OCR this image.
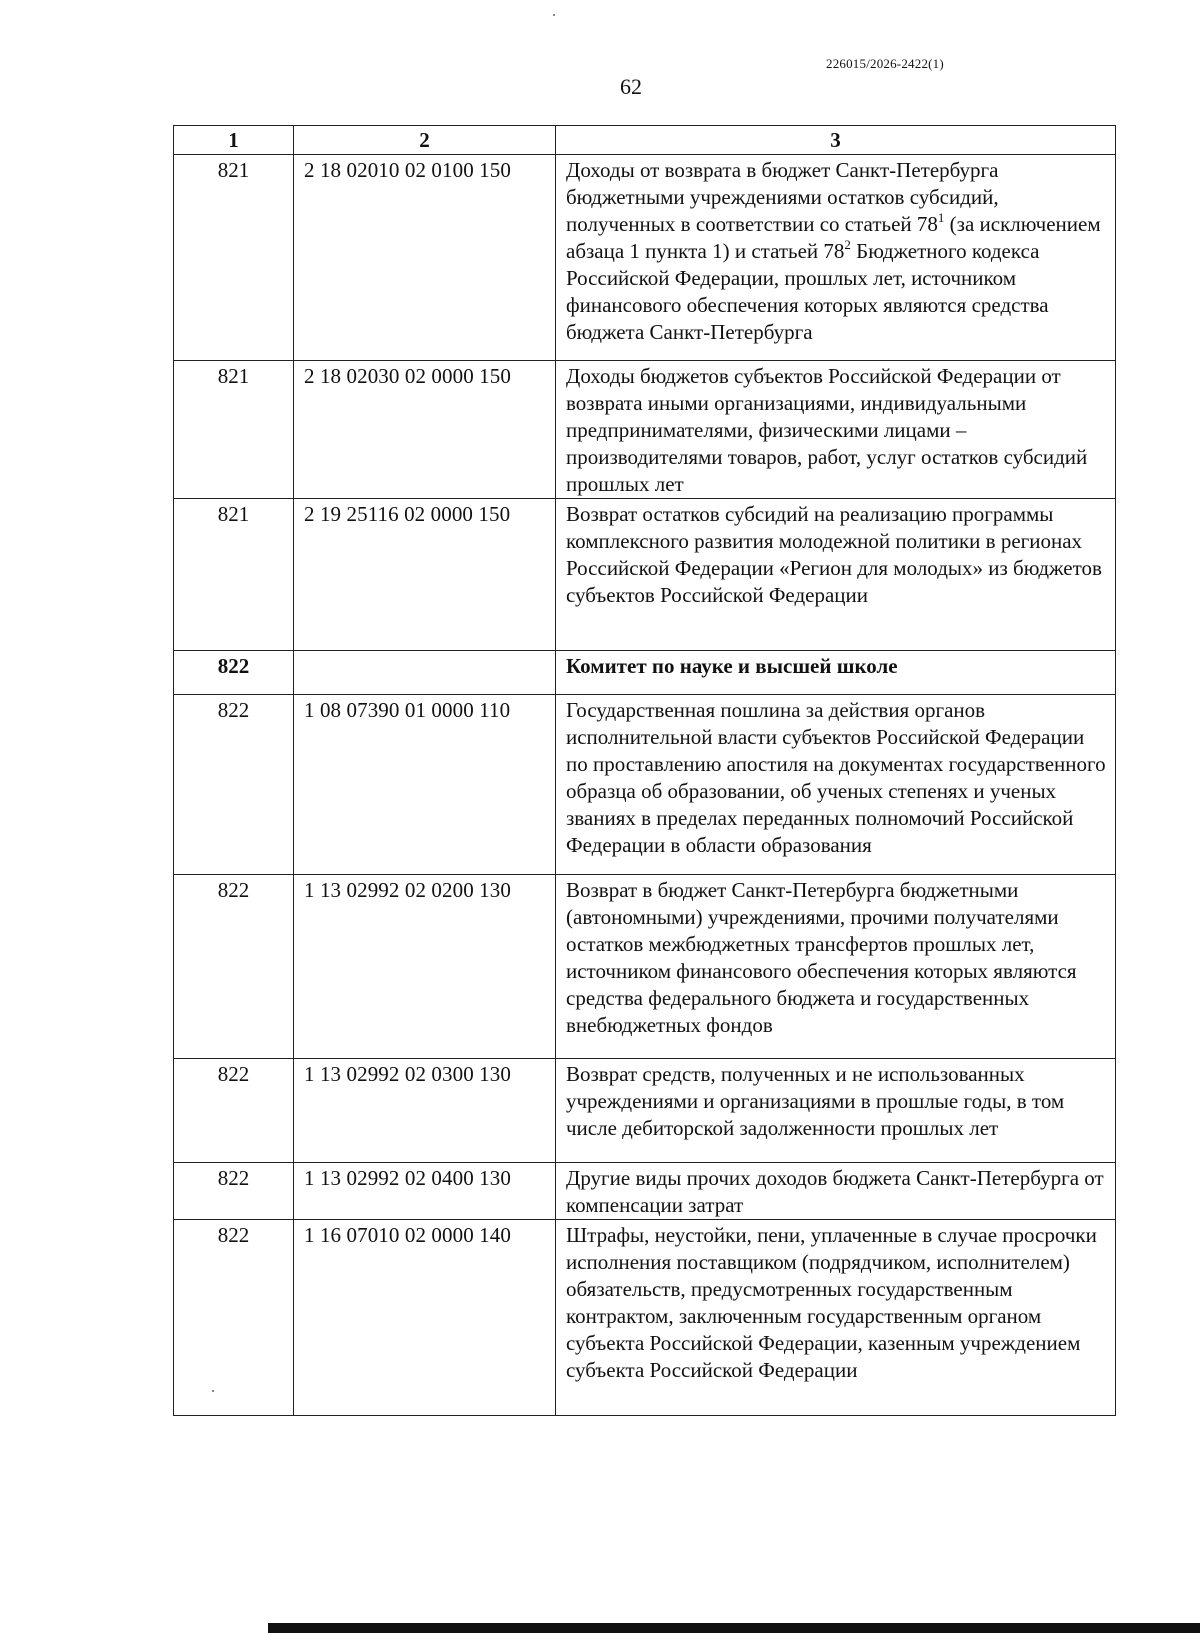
226015/2026-2422(1)
62
1	2	3
821	2 18 02010 02 0100 150	Доходы от возврата в бюджет Санкт-Петербурга бюджетными учреждениями остатков субсидий, полученных в соответствии со статьей $78^1$ (за исключением абзаца 1 пункта 1) и статьей $78^2$ Бюджетного кодекса Российской Федерации, прошлых лет, источником финансового обеспечения которых являются средства бюджета Санкт-Петербурга
821	2 18 02030 02 0000 150	Доходы бюджетов субъектов Российской Федерации от возврата иными организациями, индивидуальными предпринимателями, физическими лицами – производителями товаров, работ, услуг остатков субсидий прошлых лет
821	2 19 25116 02 0000 150	Возврат остатков субсидий на реализацию программы комплексного развития молодежной политики в регионах Российской Федерации «Регион для молодых» из бюджетов субъектов Российской Федерации
822		Комитет по науке и высшей школе
822	1 08 07390 01 0000 110	Государственная пошлина за действия органов исполнительной власти субъектов Российской Федерации по проставлению апостиля на документах государственного образца об образовании, об ученых степенях и ученых званиях в пределах переданных полномочий Российской Федерации в области образования
822	1 13 02992 02 0200 130	Возврат в бюджет Санкт-Петербурга бюджетными (автономными) учреждениями, прочими получателями остатков межбюджетных трансфертов прошлых лет, источником финансового обеспечения которых являются средства федерального бюджета и государственных внебюджетных фондов
822	1 13 02992 02 0300 130	Возврат средств, полученных и не использованных учреждениями и организациями в прошлые годы, в том числе дебиторской задолженности прошлых лет
822	1 13 02992 02 0400 130	Другие виды прочих доходов бюджета Санкт-Петербурга от компенсации затрат
822	1 16 07010 02 0000 140	Штрафы, неустойки, пени, уплаченные в случае просрочки исполнения поставщиком (подрядчиком, исполнителем) обязательств, предусмотренных государственным контрактом, заключенным государственным органом субъекта Российской Федерации, казенным учреждением субъекта Российской Федерации
